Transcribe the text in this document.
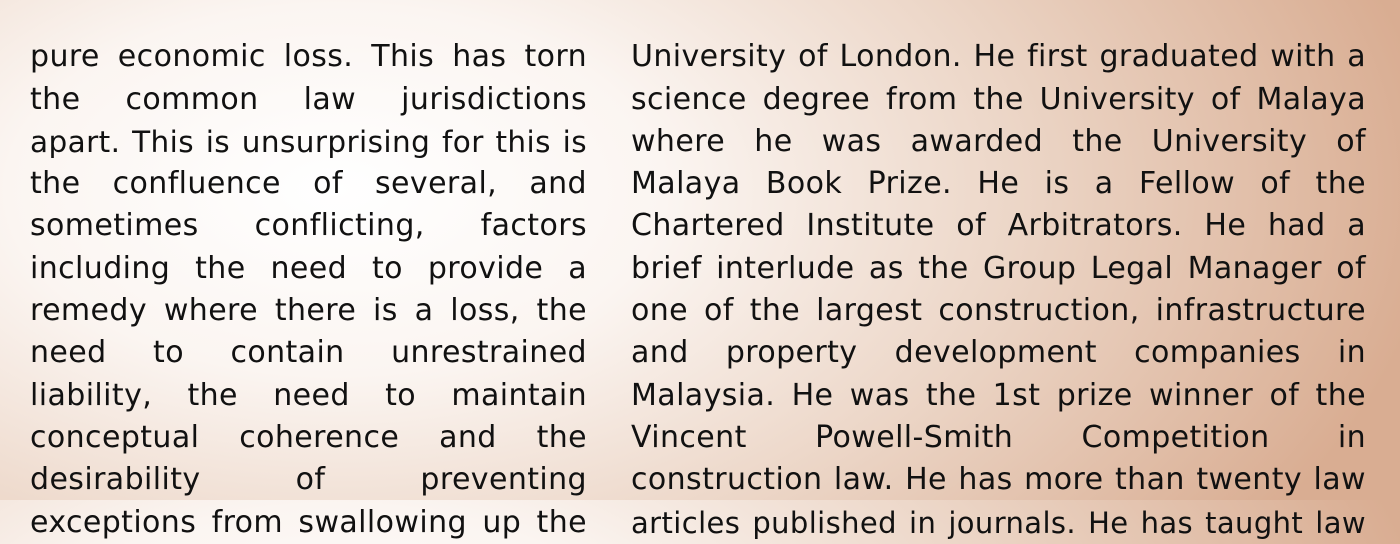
pure economic loss. This has torn
the common law jurisdictions
apart. This is unsurprising for this is
the confluence of several, and
sometimes conflicting, factors
including the need to provide a
remedy where there is a loss, the
need to contain unrestrained
liability, the need to maintain
conceptual coherence and the
desirability of preventing
exceptions from swallowing up the
University of London. He first graduated with a
science degree from the University of Malaya
where he was awarded the University of
Malaya Book Prize. He is a Fellow of the
Chartered Institute of Arbitrators. He had a
brief interlude as the Group Legal Manager of
one of the largest construction, infrastructure
and property development companies in
Malaysia. He was the 1st prize winner of the
Vincent Powell-Smith Competition in
construction law. He has more than twenty law
articles published in journals. He has taught law
